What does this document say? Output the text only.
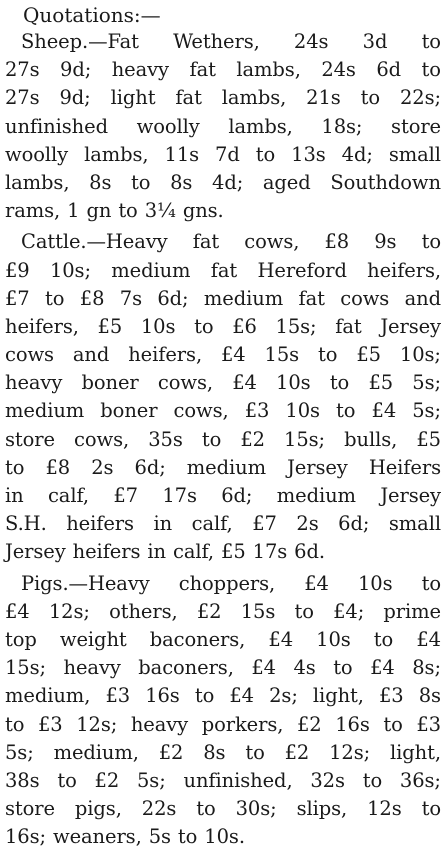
Quotations:—
Sheep.—Fat Wethers, 24s 3d to
27s 9d; heavy fat lambs, 24s 6d to
27s 9d; light fat lambs, 21s to 22s;
unfinished woolly lambs, 18s; store
woolly lambs, 11s 7d to 13s 4d; small
lambs, 8s to 8s 4d; aged Southdown
rams, 1 gn to 3¼ gns.
Cattle.—Heavy fat cows, £8 9s to
£9 10s; medium fat Hereford heifers,
£7 to £8 7s 6d; medium fat cows and
heifers, £5 10s to £6 15s; fat Jersey
cows and heifers, £4 15s to £5 10s;
heavy boner cows, £4 10s to £5 5s;
medium boner cows, £3 10s to £4 5s;
store cows, 35s to £2 15s; bulls, £5
to £8 2s 6d; medium Jersey Heifers
in calf, £7 17s 6d; medium Jersey
S.H. heifers in calf, £7 2s 6d; small
Jersey heifers in calf, £5 17s 6d.
Pigs.—Heavy choppers, £4 10s to
£4 12s; others, £2 15s to £4; prime
top weight baconers, £4 10s to £4
15s; heavy baconers, £4 4s to £4 8s;
medium, £3 16s to £4 2s; light, £3 8s
to £3 12s; heavy porkers, £2 16s to £3
5s; medium, £2 8s to £2 12s; light,
38s to £2 5s; unfinished, 32s to 36s;
store pigs, 22s to 30s; slips, 12s to
16s; weaners, 5s to 10s.
